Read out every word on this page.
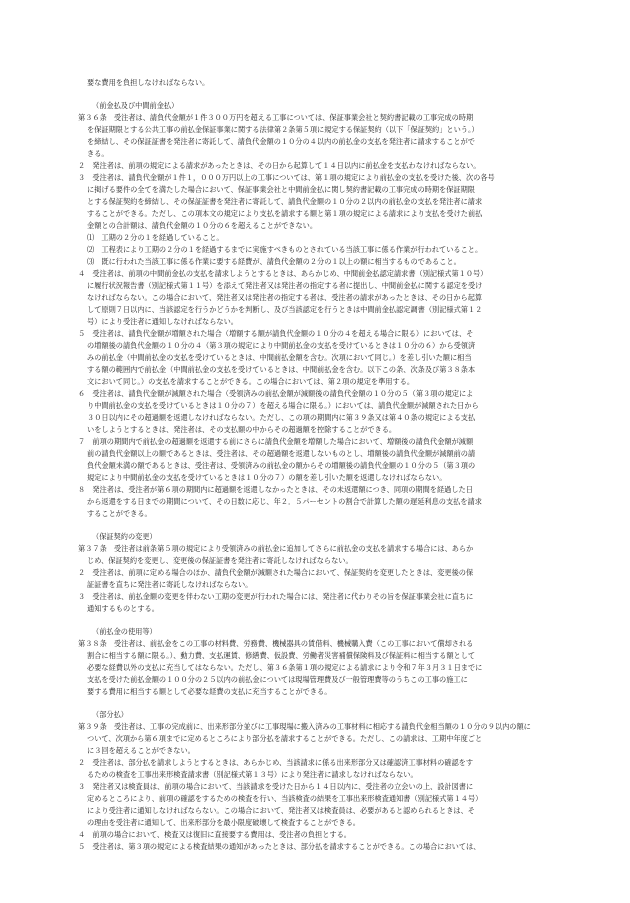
要な費用を負担しなければならない。
（前金払及び中間前金払）
第３６条　受注者は、請負代金額が１件３００万円を超える工事については、保証事業会社と契約書記載の工事完成の時期
を保証期限とする公共工事の前払金保証事業に関する法律第２条第５項に規定する保証契約（以下「保証契約」という。）
を締結し、その保証証書を発注者に寄託して、請負代金額の１０分の４以内の前払金の支払を発注者に請求することがで
きる。
２　発注者は、前項の規定による請求があったときは、その日から起算して１４日以内に前払金を支払わなければならない。
３　受注者は、請負代金額が１件１，０００万円以上の工事については、第１項の規定により前払金の支払を受けた後、次の各号
に掲げる要件の全てを満たした場合において、保証事業会社と中間前金払に関し契約書記載の工事完成の時期を保証期限
とする保証契約を締結し、その保証証書を発注者に寄託して、請負代金額の１０分の２以内の前払金の支払を発注者に請求
することができる。ただし、この項本文の規定により支払を請求する額と第１項の規定による請求により支払を受けた前払
金額との合計額は、請負代金額の１０分の６を超えることができない。
⑴　工期の２分の１を経過していること。
⑵　工程表により工期の２分の１を経過するまでに実施すべきものとされている当該工事に係る作業が行われていること。
⑶　既に行われた当該工事に係る作業に要する経費が、請負代金額の２分の１以上の額に相当するものであること。
４　受注者は、前項の中間前金払の支払を請求しようとするときは、あらかじめ、中間前金払認定請求書（別記様式第１０号）
に履行状況報告書（別記様式第１１号）を添えて発注者又は発注者の指定する者に提出し、中間前金払に関する認定を受け
なければならない。この場合において、発注者又は発注者の指定する者は、受注者の請求があったときは、その日から起算
して原則７日以内に、当該認定を行うかどうかを判断し、及び当該認定を行うときは中間前金払認定調書（別記様式第１２
号）により受注者に通知しなければならない。
５　受注者は、請負代金額が増額された場合（増額する額が請負代金額の１０分の４を超える場合に限る）においては、そ
の増額後の請負代金額の１０分の４（第３項の規定により中間前払金の支払を受けているときは１０分の６）から受領済
みの前払金（中間前払金の支払を受けているときは、中間前払金額を含む。次項において同じ。）を差し引いた額に相当
する額の範囲内で前払金（中間前払金の支払を受けているときは、中間前払金を含む。以下この条、次条及び第３８条本
文において同じ。）の支払を請求することができる。この場合においては、第２項の規定を準用する。
６　受注者は、請負代金額が減額された場合（受領済みの前払金額が減額後の請負代金額の１０分の５（第３項の規定によ
り中間前払金の支払を受けているときは１０分の７）を超える場合に限る。）においては、請負代金額が減額された日から
３０日以内にその超過額を返還しなければならない。ただし、この項の期間内に第３９条又は第４０条の規定による支払
いをしようとするときは、発注者は、その支払額の中からその超過額を控除することができる。
７　前項の期間内で前払金の超過額を返還する前にさらに請負代金額を増額した場合において、増額後の請負代金額が減額
前の請負代金額以上の額であるときは、受注者は、その超過額を返還しないものとし、増額後の請負代金額が減額前の請
負代金額未満の額であるときは、受注者は、受領済みの前払金の額からその増額後の請負代金額の１０分の５（第３項の
規定により中間前払金の支払を受けているときは１０分の７）の額を差し引いた額を返還しなければならない。
８　発注者は、受注者が第６項の期間内に超過額を返還しなかったときは、その未返還額につき、同項の期間を経過した日
から返還をする日までの期間について、その日数に応じ、年２．５パーセントの割合で計算した額の遅延利息の支払を請求
することができる。
（保証契約の変更）
第３７条　受注者は前条第５項の規定により受領済みの前払金に追加してさらに前払金の支払を請求する場合には、あらか
じめ、保証契約を変更し、変更後の保証証書を発注者に寄託しなければならない。
２　受注者は、前項に定める場合のほか、請負代金額が減額された場合において、保証契約を変更したときは、変更後の保
証証書を直ちに発注者に寄託しなければならない。
３　受注者は、前払金額の変更を伴わない工期の変更が行われた場合には、発注者に代わりその旨を保証事業会社に直ちに
通知するものとする。
（前払金の使用等）
第３８条　受注者は、前払金をこの工事の材料費、労務費、機械器具の賃借料、機械購入費（この工事において償却される
割合に相当する額に限る。）、動力費、支払運賃、修繕費、仮設費、労働者災害補償保険料及び保証料に相当する額として
必要な経費以外の支払に充当してはならない。ただし、第３６条第１項の規定による請求により令和７年３月３１日までに
支払を受けた前払金額の１００分の２５以内の前払金については現場管理費及び一般管理費等のうちこの工事の施工に
要する費用に相当する額として必要な経費の支払に充当することができる。
（部分払）
第３９条　受注者は、工事の完成前に、出来形部分並びに工事現場に搬入済みの工事材料に相応する請負代金相当額の１０分の９以内の額に
ついて、次項から第６項までに定めるところにより部分払を請求することができる。ただし、この請求は、工期中年度ごと
に３回を超えることができない。
２　受注者は、部分払を請求しようとするときは、あらかじめ、当該請求に係る出来形部分又は確認済工事材料の確認をす
るための検査を工事出来形検査請求書（別記様式第１３号）により発注者に請求しなければならない。
３　発注者又は検査員は、前項の場合において、当該請求を受けた日から１４日以内に、受注者の立会いの上、設計図書に
定めるところにより、前項の確認をするための検査を行い、当該検査の結果を工事出来形検査通知書（別記様式第１４号）
により受注者に通知しなければならない。この場合において、発注者又は検査員は、必要があると認められるときは、そ
の理由を受注者に通知して、出来形部分を最小限度破壊して検査することができる。
４　前項の場合において、検査又は復旧に直接要する費用は、受注者の負担とする。
５　受注者は、第３項の規定による検査結果の通知があったときは、部分払を請求することができる。この場合においては、
